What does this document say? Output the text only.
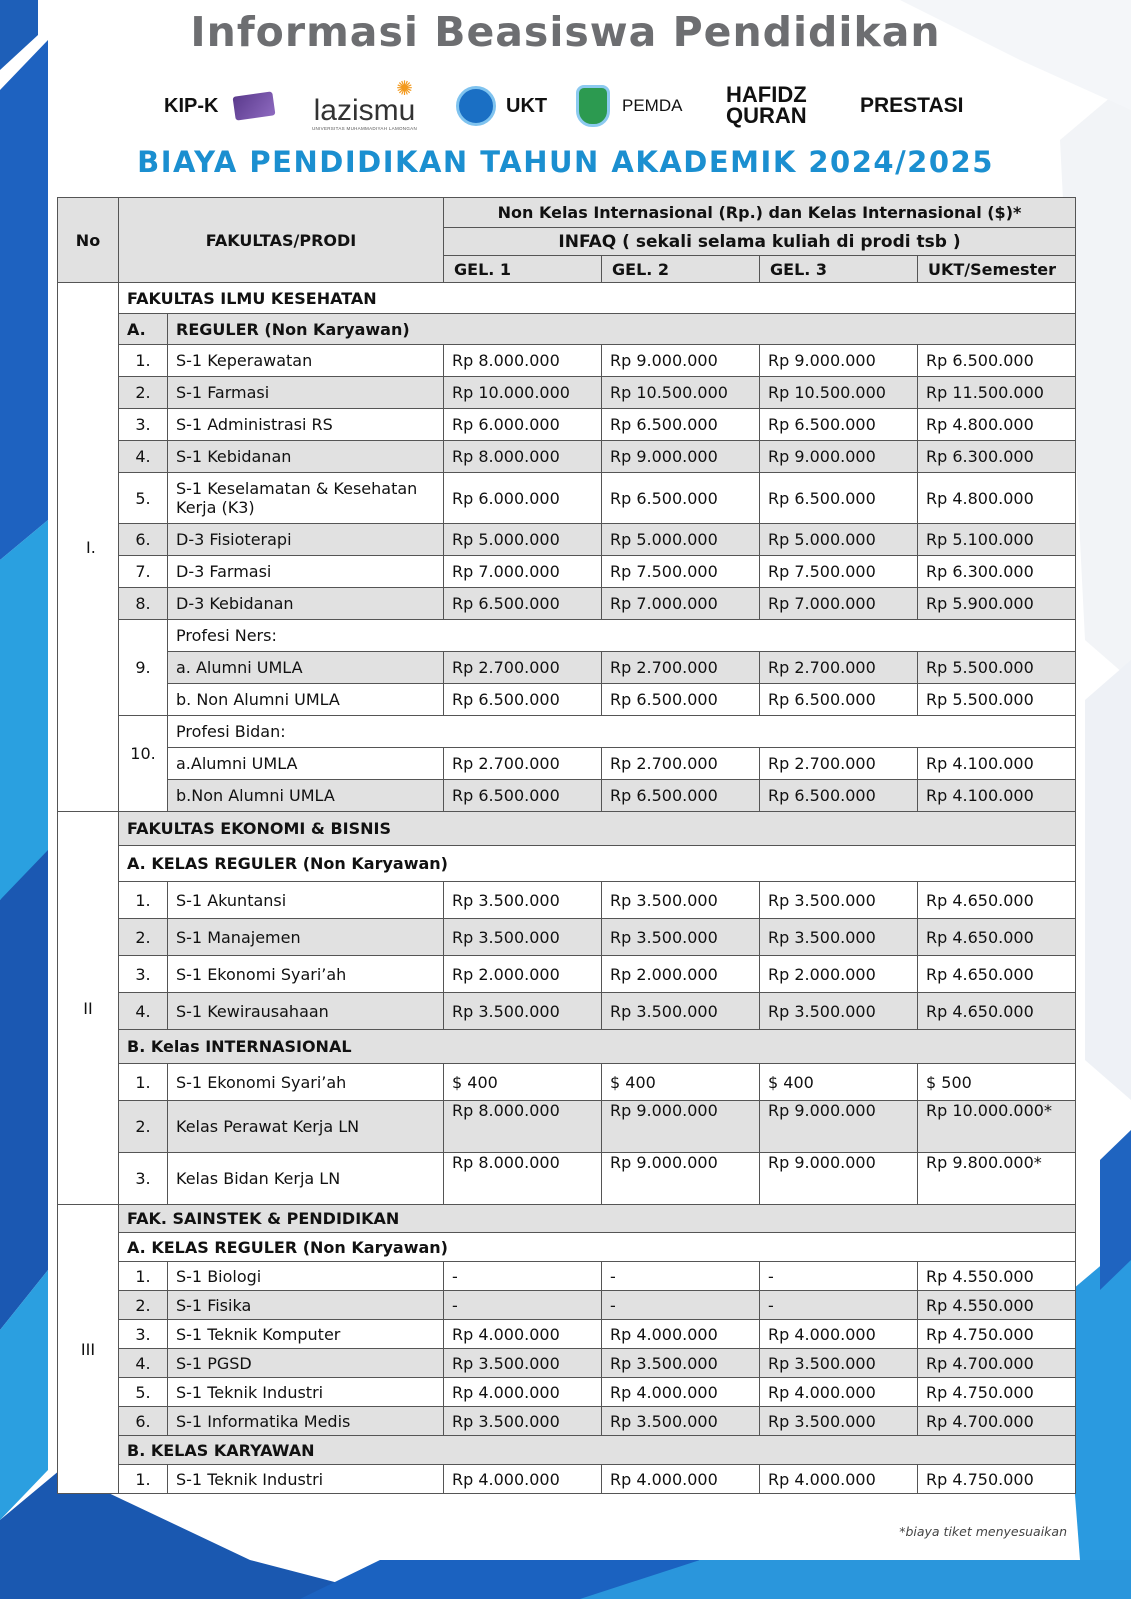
Informasi Beasiswa Pendidikan
KIP-K
✺
lazismu
UNIVERSITAS MUHAMMADIYAH LAMONGAN
UKT	PEMDA HAFIDZ
QURAN	PRESTASI
BIAYA PENDIDIKAN TAHUN AKADEMIK 2024/2025
No	FAKULTAS/PRODI		Non Kelas Internasional (Rp.) dan Kelas Internasional ($)*			
			INFAQ ( sekali selama kuliah di prodi tsb )			
			GEL. 1	GEL. 2	GEL. 3	UKT/Semester
I.	FAKULTAS ILMU KESEHATAN					
	A.	REGULER (Non Karyawan)				
	1.	S-1 Keperawatan	Rp 8.000.000	Rp 9.000.000	Rp 9.000.000	Rp 6.500.000
	2.	S-1 Farmasi	Rp 10.000.000	Rp 10.500.000	Rp 10.500.000	Rp 11.500.000
	3.	S-1 Administrasi RS	Rp 6.000.000	Rp 6.500.000	Rp 6.500.000	Rp 4.800.000
	4.	S-1 Kebidanan	Rp 8.000.000	Rp 9.000.000	Rp 9.000.000	Rp 6.300.000
	5.	S-1 Keselamatan & Kesehatan Kerja (K3)	Rp 6.000.000	Rp 6.500.000	Rp 6.500.000	Rp 4.800.000
	6.	D-3 Fisioterapi	Rp 5.000.000	Rp 5.000.000	Rp 5.000.000	Rp 5.100.000
	7.	D-3 Farmasi	Rp 7.000.000	Rp 7.500.000	Rp 7.500.000	Rp 6.300.000
	8.	D-3 Kebidanan	Rp 6.500.000	Rp 7.000.000	Rp 7.000.000	Rp 5.900.000
	9.	Profesi Ners:				
		a. Alumni UMLA	Rp 2.700.000	Rp 2.700.000	Rp 2.700.000	Rp 5.500.000
		b. Non Alumni UMLA	Rp 6.500.000	Rp 6.500.000	Rp 6.500.000	Rp 5.500.000
	10.	Profesi Bidan:				
		a.Alumni UMLA	Rp 2.700.000	Rp 2.700.000	Rp 2.700.000	Rp 4.100.000
		b.Non Alumni UMLA	Rp 6.500.000	Rp 6.500.000	Rp 6.500.000	Rp 4.100.000
II	FAKULTAS EKONOMI & BISNIS					
	A. KELAS REGULER (Non Karyawan)					
	1.	S-1 Akuntansi	Rp 3.500.000	Rp 3.500.000	Rp 3.500.000	Rp 4.650.000
	2.	S-1 Manajemen	Rp 3.500.000	Rp 3.500.000	Rp 3.500.000	Rp 4.650.000
	3.	S-1 Ekonomi Syari’ah	Rp 2.000.000	Rp 2.000.000	Rp 2.000.000	Rp 4.650.000
	4.	S-1 Kewirausahaan	Rp 3.500.000	Rp 3.500.000	Rp 3.500.000	Rp 4.650.000
	B. Kelas INTERNASIONAL					
	1.	S-1 Ekonomi Syari’ah	$ 400	$ 400	$ 400	$ 500
	2.	Kelas Perawat Kerja LN	Rp 8.000.000	Rp 9.000.000	Rp 9.000.000	Rp 10.000.000*
	3.	Kelas Bidan Kerja LN	Rp 8.000.000	Rp 9.000.000	Rp 9.000.000	Rp 9.800.000*
III	FAK. SAINSTEK & PENDIDIKAN					
	A. KELAS REGULER (Non Karyawan)					
	1.	S-1 Biologi	-	-	-	Rp 4.550.000
	2.	S-1 Fisika	-	-	-	Rp 4.550.000
	3.	S-1 Teknik Komputer	Rp 4.000.000	Rp 4.000.000	Rp 4.000.000	Rp 4.750.000
	4.	S-1 PGSD	Rp 3.500.000	Rp 3.500.000	Rp 3.500.000	Rp 4.700.000
	5.	S-1 Teknik Industri	Rp 4.000.000	Rp 4.000.000	Rp 4.000.000	Rp 4.750.000
	6.	S-1 Informatika Medis	Rp 3.500.000	Rp 3.500.000	Rp 3.500.000	Rp 4.700.000
	B. KELAS KARYAWAN					
	1.	S-1 Teknik Industri	Rp 4.000.000	Rp 4.000.000	Rp 4.000.000	Rp 4.750.000
*biaya tiket menyesuaikan
